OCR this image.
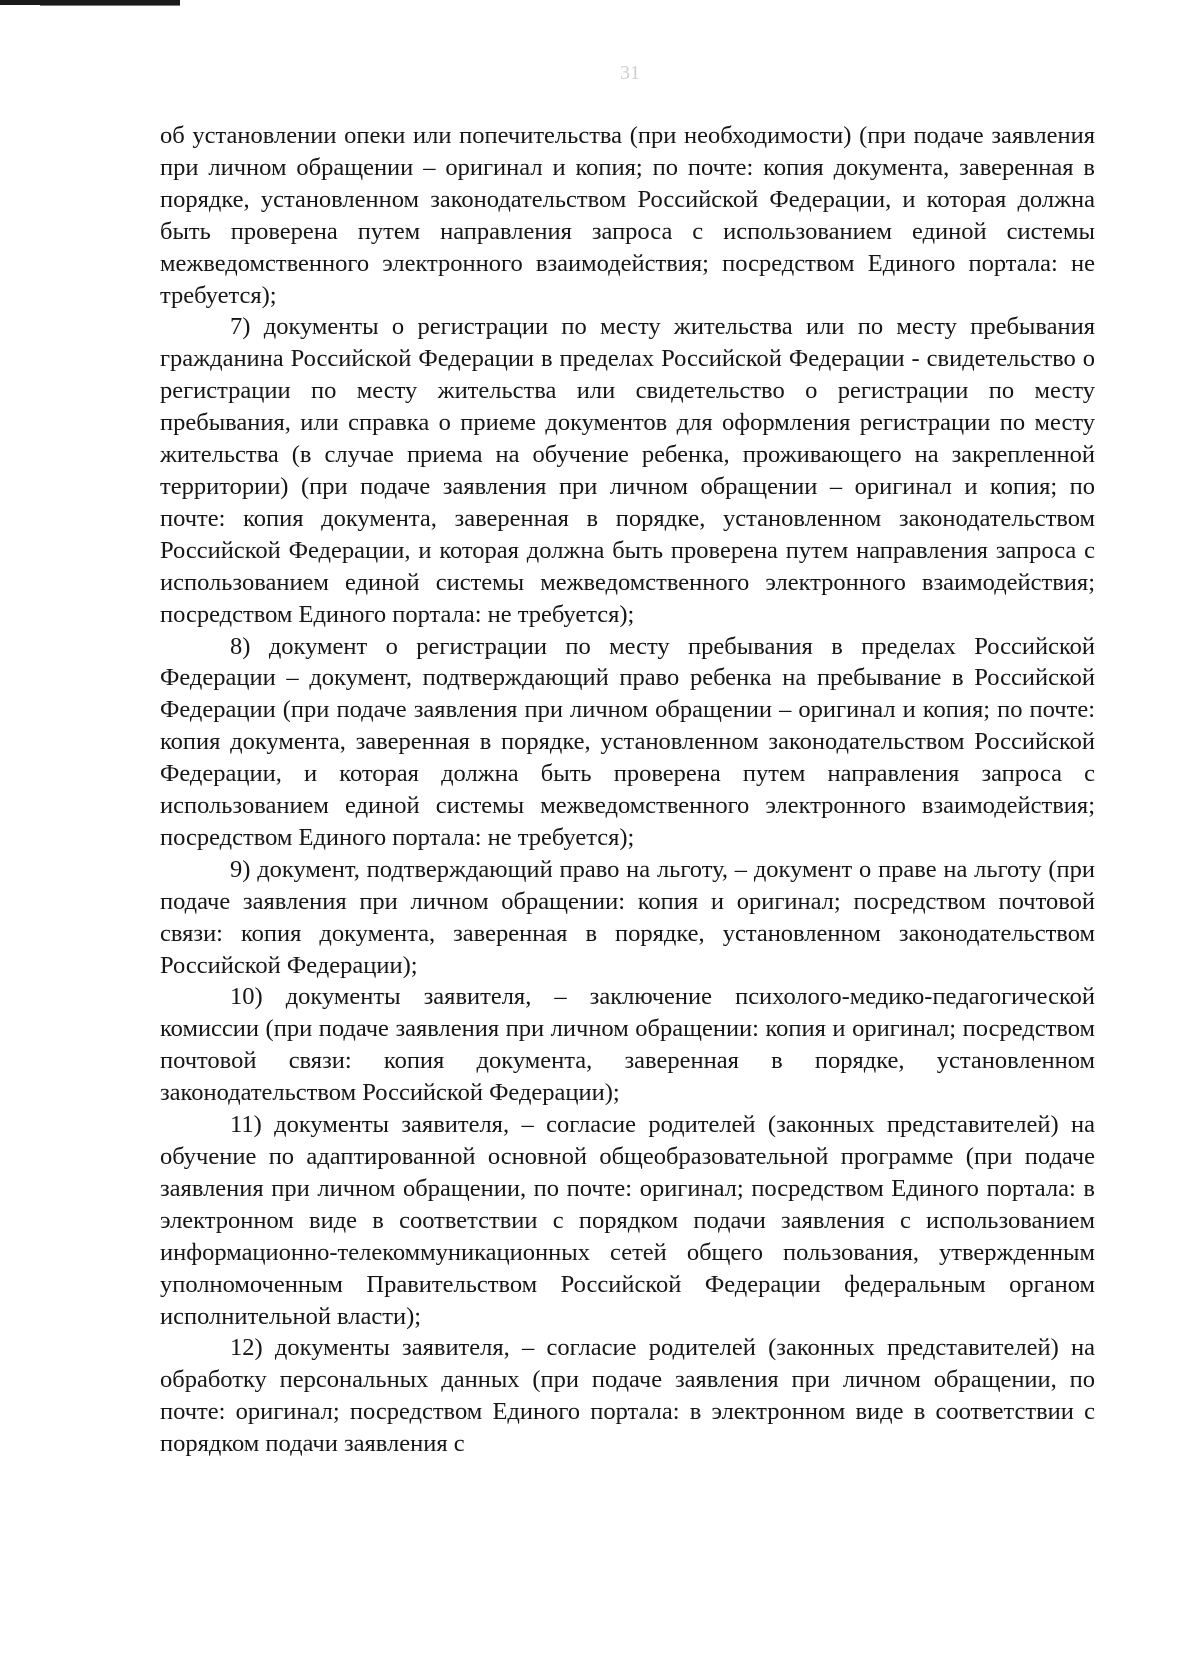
31

об установлении опеки или попечительства (при необходимости) (при подаче заявления при личном обращении – оригинал и копия; по почте: копия документа, заверенная в порядке, установленном законодательством Российской Федерации, и которая должна быть проверена путем направления запроса с использованием единой системы межведомственного электронного взаимодействия; посредством Единого портала: не требуется);

7) документы о регистрации по месту жительства или по месту пребывания гражданина Российской Федерации в пределах Российской Федерации - свидетельство о регистрации по месту жительства или свидетельство о регистрации по месту пребывания, или справка о приеме документов для оформления регистрации по месту жительства (в случае приема на обучение ребенка, проживающего на закрепленной территории) (при подаче заявления при личном обращении – оригинал и копия; по почте: копия документа, заверенная в порядке, установленном законодательством Российской Федерации, и которая должна быть проверена путем направления запроса с использованием единой системы межведомственного электронного взаимодействия; посредством Единого портала: не требуется);

8) документ о регистрации по месту пребывания в пределах Российской Федерации – документ, подтверждающий право ребенка на пребывание в Российской Федерации (при подаче заявления при личном обращении – оригинал и копия; по почте: копия документа, заверенная в порядке, установленном законодательством Российской Федерации, и которая должна быть проверена путем направления запроса с использованием единой системы межведомственного электронного взаимодействия; посредством Единого портала: не требуется);

9) документ, подтверждающий право на льготу, – документ о праве на льготу (при подаче заявления при личном обращении: копия и оригинал; посредством почтовой связи: копия документа, заверенная в порядке, установленном законодательством Российской Федерации);

10) документы заявителя, – заключение психолого-медико-педагогической комиссии (при подаче заявления при личном обращении: копия и оригинал; посредством почтовой связи: копия документа, заверенная в порядке, установленном законодательством Российской Федерации);

11) документы заявителя, – согласие родителей (законных представителей) на обучение по адаптированной основной общеобразовательной программе (при подаче заявления при личном обращении, по почте: оригинал; посредством Единого портала: в электронном виде в соответствии с порядком подачи заявления с использованием информационно-телекоммуникационных сетей общего пользования, утвержденным уполномоченным Правительством Российской Федерации федеральным органом исполнительной власти);

12) документы заявителя, – согласие родителей (законных представителей) на обработку персональных данных (при подаче заявления при личном обращении, по почте: оригинал; посредством Единого портала: в электронном виде в соответствии с порядком подачи заявления с
